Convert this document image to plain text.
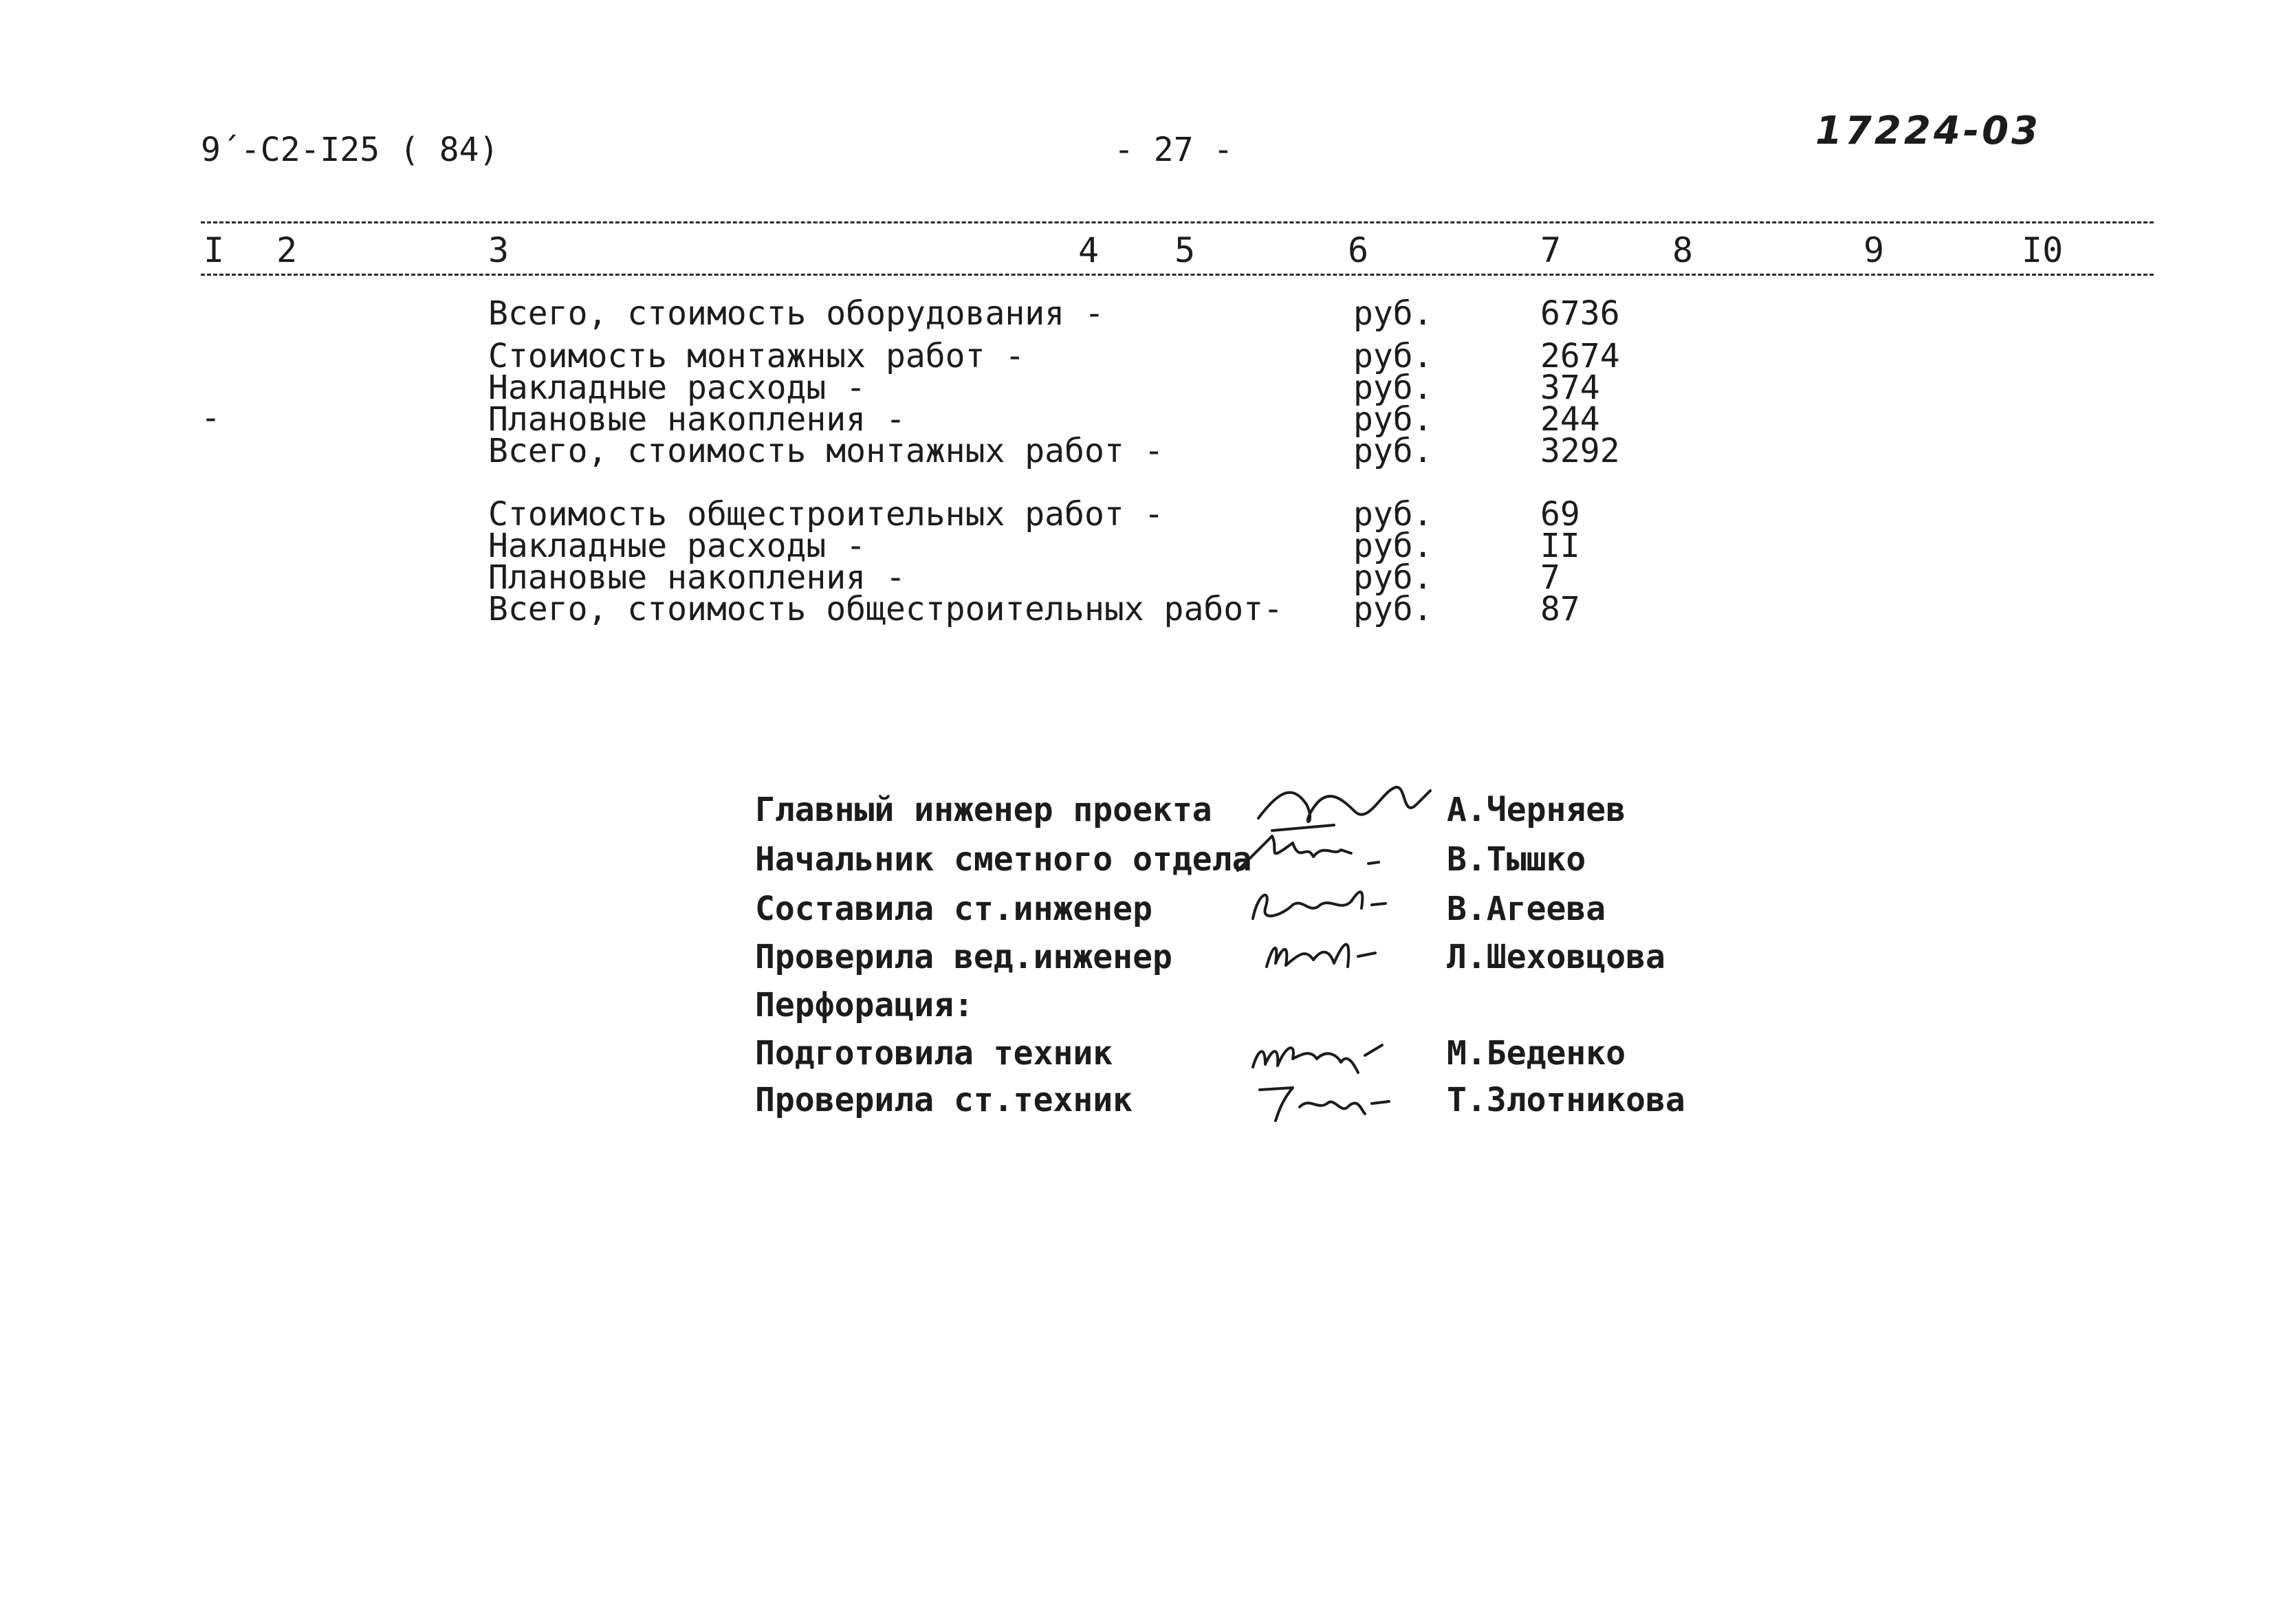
9́ -С2-I25 ( 84)	- 27 -	17224-03
I 2	3	4 5	6	7	8	9	I0
-
Всего, стоимость оборудования -	руб.	6736
Стоимость монтажных работ -	руб.	2674
Накладные расходы -	руб.	374
Плановые накопления -	руб.	244
Всего, стоимость монтажных работ -	руб.	3292
Стоимость общестроительных работ -	руб.	69
Накладные расходы -	руб.	II
Плановые накопления -	руб.	7
Всего, стоимость общестроительных работ- руб.	87
Главный инженер проекта	А.Черняев
Начальник сметного отдела	В.Тышко
Составила ст.инженер	В.Агеева
Проверила вед.инженер	Л.Шеховцова
Перфорация:
Подготовила техник	М.Беденко
Проверила ст.техник	Т.Злотникова
